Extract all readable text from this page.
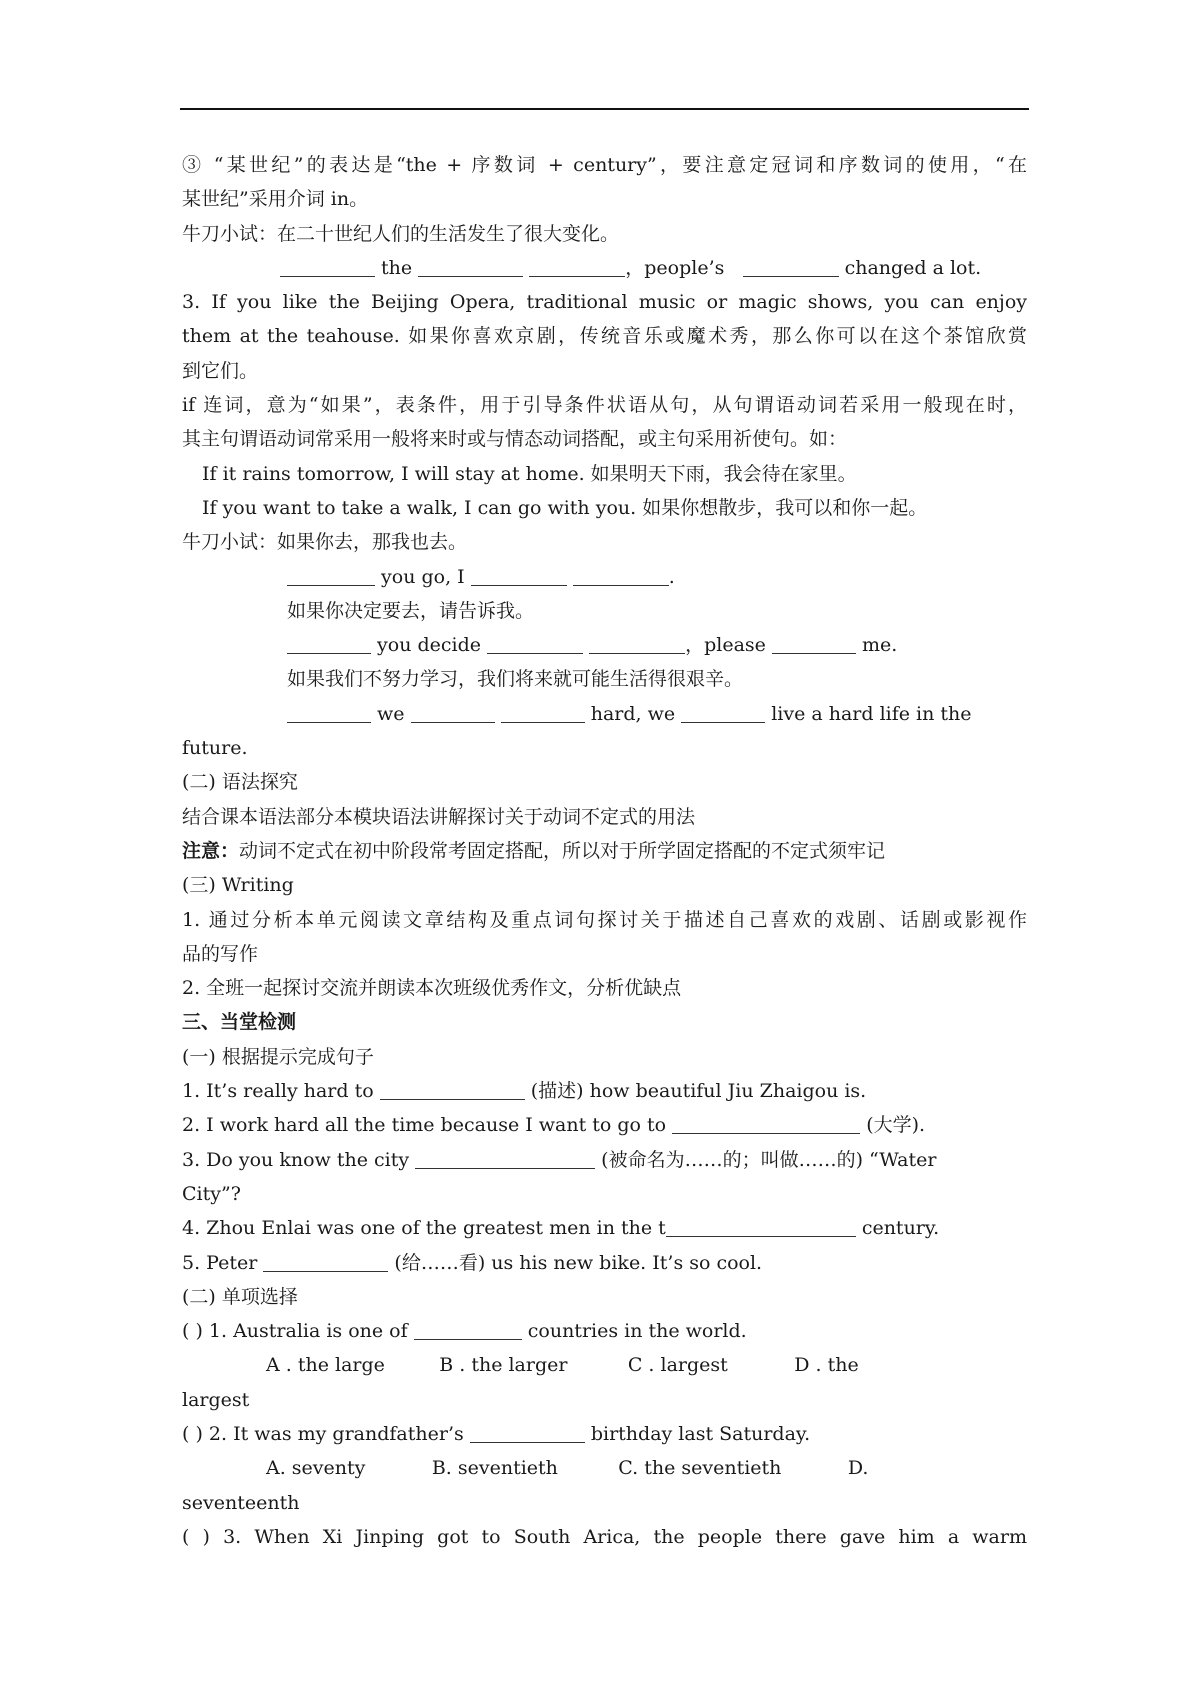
③ “某世纪”的表达是“the + 序数词 + century”，要注意定冠词和序数词的使用，“在
某世纪”采用介词 in。
牛刀小试：在二十世纪人们的生活发生了很大变化。
the	，people’s	changed a lot.
3. If you like the Beijing Opera, traditional music or magic shows, you can enjoy
them at the teahouse. 如果你喜欢京剧，传统音乐或魔术秀，那么你可以在这个茶馆欣赏
到它们。
if 连词，意为“如果”，表条件，用于引导条件状语从句，从句谓语动词若采用一般现在时，
其主句谓语动词常采用一般将来时或与情态动词搭配，或主句采用祈使句。如：
If it rains tomorrow, I will stay at home. 如果明天下雨，我会待在家里。
If you want to take a walk, I can go with you. 如果你想散步，我可以和你一起。
牛刀小试：如果你去，那我也去。
you go, I	.
如果你决定要去，请告诉我。
you decide	，please	me.
如果我们不努力学习，我们将来就可能生活得很艰辛。
we	hard, we	live a hard life in the
future.
(二) 语法探究
结合课本语法部分本模块语法讲解探讨关于动词不定式的用法
注意：动词不定式在初中阶段常考固定搭配，所以对于所学固定搭配的不定式须牢记
(三) Writing
1. 通过分析本单元阅读文章结构及重点词句探讨关于描述自己喜欢的戏剧、话剧或影视作
品的写作
2. 全班一起探讨交流并朗读本次班级优秀作文，分析优缺点
三、当堂检测
(一) 根据提示完成句子
1. It’s really hard to	(描述) how beautiful Jiu Zhaigou is.
2. I work hard all the time because I want to go to	(大学).
3. Do you know the city	(被命名为……的；叫做……的) “Water
City”?
4. Zhou Enlai was one of the greatest men in the t	century.
5. Peter	(给……看) us his new bike. It’s so cool.
(二) 单项选择
( ) 1. Australia is one of	countries in the world.
A . the large         B . the larger          C . largest           D . the
largest
( ) 2. It was my grandfather’s	birthday last Saturday.
A. seventy           B. seventieth          C. the seventieth           D.
seventeenth
( ) 3. When Xi Jinping got to South Arica, the people there gave him a warm
